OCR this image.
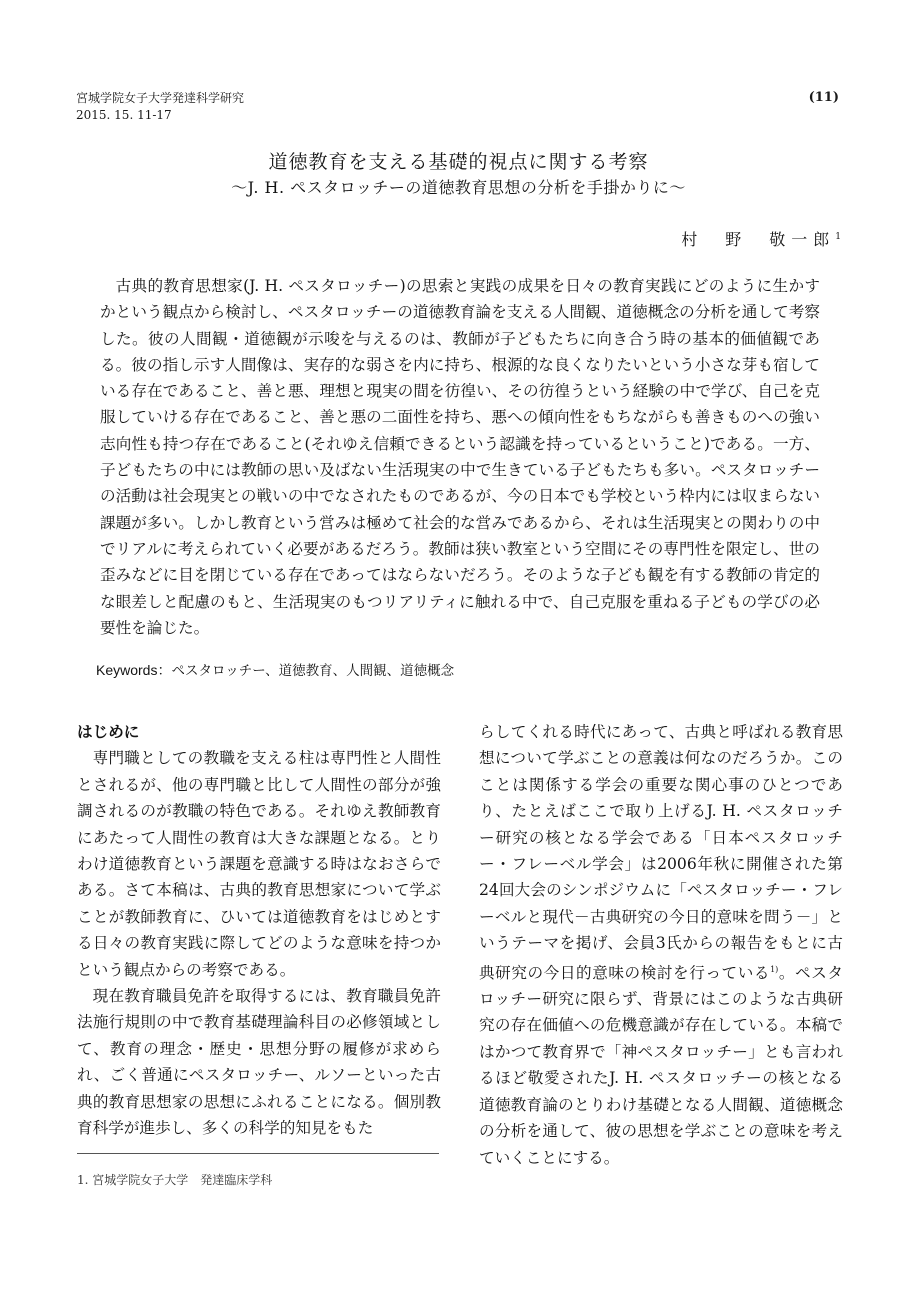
宮城学院女子大学発達科学研究
2015. 15. 11-17
(11)
道徳教育を支える基礎的視点に関する考察
〜J. H. ペスタロッチーの道徳教育思想の分析を手掛かりに〜
村　野　敬一郎$^1$
古典的教育思想家(J. H. ペスタロッチー)の思索と実践の成果を日々の教育実践にどのように生かすかという観点から検討し、ペスタロッチーの道徳教育論を支える人間観、道徳概念の分析を通して考察した。彼の人間観・道徳観が示唆を与えるのは、教師が子どもたちに向き合う時の基本的価値観である。彼の指し示す人間像は、実存的な弱さを内に持ち、根源的な良くなりたいという小さな芽も宿している存在であること、善と悪、理想と現実の間を彷徨い、その彷徨うという経験の中で学び、自己を克服していける存在であること、善と悪の二面性を持ち、悪への傾向性をもちながらも善きものへの強い志向性も持つ存在であること(それゆえ信頼できるという認識を持っているということ)である。一方、子どもたちの中には教師の思い及ばない生活現実の中で生きている子どもたちも多い。ペスタロッチーの活動は社会現実との戦いの中でなされたものであるが、今の日本でも学校という枠内には収まらない課題が多い。しかし教育という営みは極めて社会的な営みであるから、それは生活現実との関わりの中でリアルに考えられていく必要があるだろう。教師は狭い教室という空間にその専門性を限定し、世の歪みなどに目を閉じている存在であってはならないだろう。そのような子ども観を有する教師の肯定的な眼差しと配慮のもと、生活現実のもつリアリティに触れる中で、自己克服を重ねる子どもの学びの必要性を論じた。
Keywords：ペスタロッチー、道徳教育、人間観、道徳概念
はじめに

専門職としての教職を支える柱は専門性と人間性とされるが、他の専門職と比して人間性の部分が強調されるのが教職の特色である。それゆえ教師教育にあたって人間性の教育は大きな課題となる。とりわけ道徳教育という課題を意識する時はなおさらである。さて本稿は、古典的教育思想家について学ぶことが教師教育に、ひいては道徳教育をはじめとする日々の教育実践に際してどのような意味を持つかという観点からの考察である。

現在教育職員免許を取得するには、教育職員免許法施行規則の中で教育基礎理論科目の必修領域として、教育の理念・歴史・思想分野の履修が求められ、ごく普通にペスタロッチー、ルソーといった古典的教育思想家の思想にふれることになる。個別教育科学が進歩し、多くの科学的知見をもた

らしてくれる時代にあって、古典と呼ばれる教育思想について学ぶことの意義は何なのだろうか。このことは関係する学会の重要な関心事のひとつであり、たとえばここで取り上げるJ. H. ペスタロッチー研究の核となる学会である「日本ペスタロッチー・フレーベル学会」は2006年秋に開催された第24回大会のシンポジウムに「ペスタロッチー・フレーベルと現代－古典研究の今日的意味を問う－」というテーマを掲げ、会員3氏からの報告をもとに古典研究の今日的意味の検討を行っている$^{1)}$。ペスタロッチー研究に限らず、背景にはこのような古典研究の存在価値への危機意識が存在している。本稿ではかつて教育界で「神ペスタロッチー」とも言われるほど敬愛されたJ. H. ペスタロッチーの核となる道徳教育論のとりわけ基礎となる人間観、道徳概念の分析を通して、彼の思想を学ぶことの意味を考えていくことにする。

1. 宮城学院女子大学　発達臨床学科
